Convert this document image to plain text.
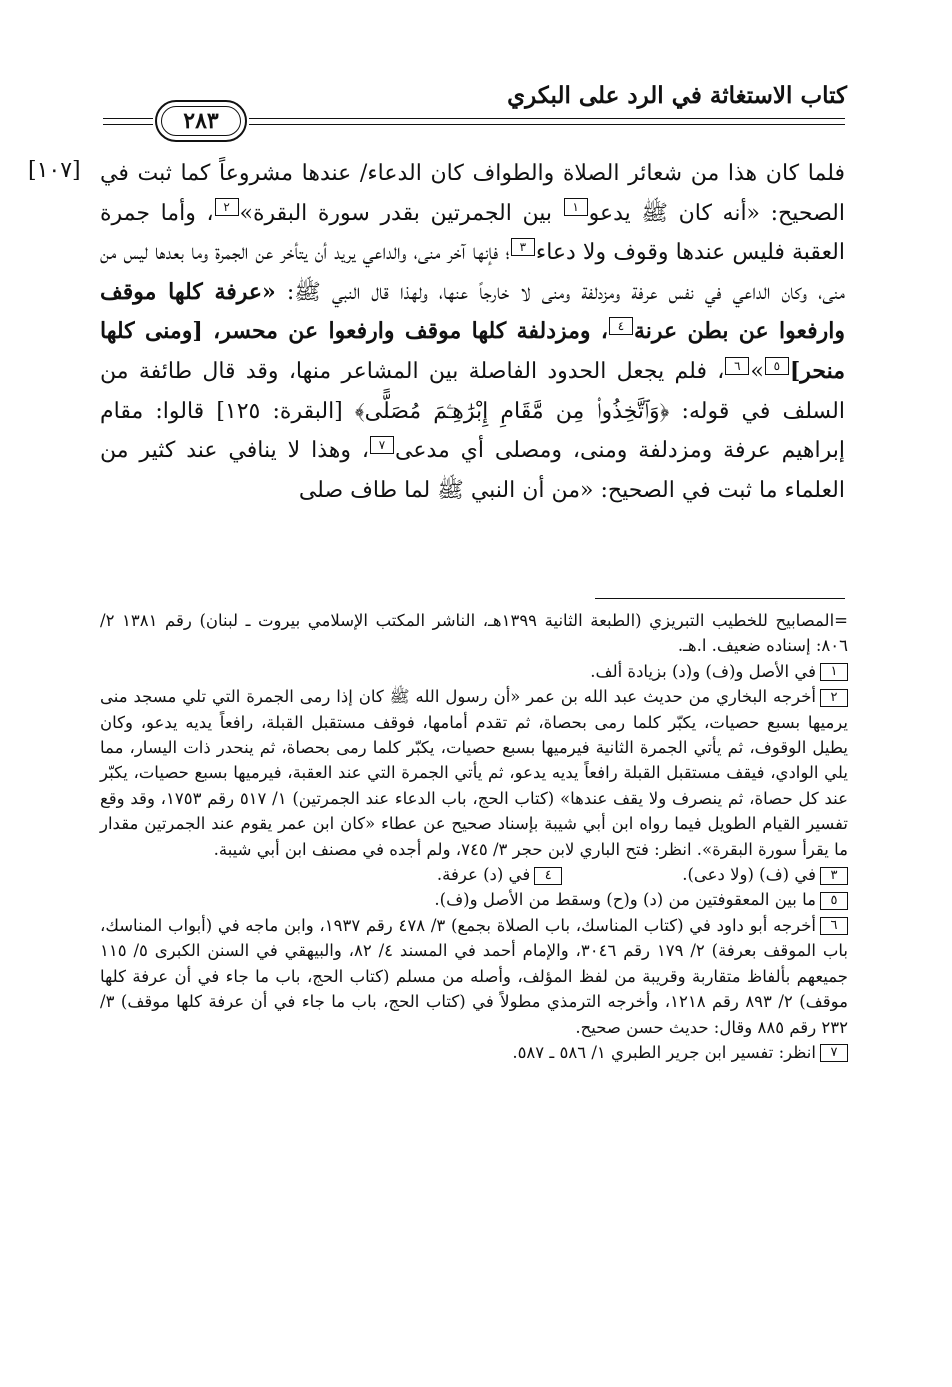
كتاب الاستغاثة في الرد على البكري
٢٨٣
[١٠٧] فلما كان هذا من شعائر الصلاة والطواف كان الدعاء/ عندها مشروعاً كما ثبت في الصحيح: «أنه كان ﷺ يدعو١ بين الجمرتين بقدر سورة البقرة»٢، وأما جمرة العقبة فليس عندها وقوف ولا دعاء٣؛ فإنها آخر منى، والداعي يريد أن يتأخر عن الجمرة وما بعدها ليس من منى، وكان الداعي في نفس عرفة ومزدلفة ومنى لا خارجاً عنها، ولهذا قال النبي ﷺ: «عرفة كلها موقف وارفعوا عن بطن عرنة٤، ومزدلفة كلها موقف وارفعوا عن محسر، [ومنى كلها منحر]٥»٦، فلم يجعل الحدود الفاصلة بين المشاعر منها، وقد قال طائفة من السلف في قوله: ﴿وَٱتَّخِذُوا۟ مِن مَّقَامِ إِبْرَٰهِـۧمَ مُصَلًّى﴾ [البقرة: ١٢٥] قالوا: مقام إبراهيم عرفة ومزدلفة ومنى، ومصلى أي مدعى٧، وهذا لا ينافي عند كثير من العلماء ما ثبت في الصحيح: «من أن النبي ﷺ لما طاف صلى

=المصابيح للخطيب التبريزي (الطبعة الثانية ١٣٩٩هـ، الناشر المكتب الإسلامي بيروت ـ لبنان) رقم ١٣٨١ ٢/ ٨٠٦: إسناده ضعيف. ا.هـ.

١في الأصل و(ف) و(د) بزيادة ألف.

٢أخرجه البخاري من حديث عبد الله بن عمر «أن رسول الله ﷺ كان إذا رمى الجمرة التي تلي مسجد منى يرميها بسبع حصيات، يكبّر كلما رمى بحصاة، ثم تقدم أمامها، فوقف مستقبل القبلة، رافعاً يديه يدعو، وكان يطيل الوقوف، ثم يأتي الجمرة الثانية فيرميها بسبع حصيات، يكبّر كلما رمى بحصاة، ثم ينحدر ذات اليسار، مما يلي الوادي، فيقف مستقبل القبلة رافعاً يديه يدعو، ثم يأتي الجمرة التي عند العقبة، فيرميها بسبع حصيات، يكبّر عند كل حصاة، ثم ينصرف ولا يقف عندها» (كتاب الحج، باب الدعاء عند الجمرتين) ١/ ٥١٧ رقم ١٧٥٣، وقد وقع تفسير القيام الطويل فيما رواه ابن أبي شيبة بإسناد صحيح عن عطاء «كان ابن عمر يقوم عند الجمرتين مقدار ما يقرأ سورة البقرة». انظر: فتح الباري لابن حجر ٣/ ٧٤٥، ولم أجده في مصنف ابن أبي شيبة.

٣في (ف) (ولا دعى).

٤في (د) عرفة.

٥ما بين المعقوفتين من (د) و(ح) وسقط من الأصل و(ف).

٦أخرجه أبو داود في (كتاب المناسك، باب الصلاة بجمع) ٣/ ٤٧٨ رقم ١٩٣٧، وابن ماجه في (أبواب المناسك، باب الموقف بعرفة) ٢/ ١٧٩ رقم ٣٠٤٦، والإمام أحمد في المسند ٤/ ٨٢، والبيهقي في السنن الكبرى ٥/ ١١٥ جميعهم بألفاظ متقاربة وقريبة من لفظ المؤلف، وأصله من مسلم (كتاب الحج، باب ما جاء في أن عرفة كلها موقف) ٢/ ٨٩٣ رقم ١٢١٨، وأخرجه الترمذي مطولاً في (كتاب الحج، باب ما جاء في أن عرفة كلها موقف) ٣/ ٢٣٢ رقم ٨٨٥ وقال: حديث حسن صحيح.

٧انظر: تفسير ابن جرير الطبري ١/ ٥٨٦ ـ ٥٨٧.
